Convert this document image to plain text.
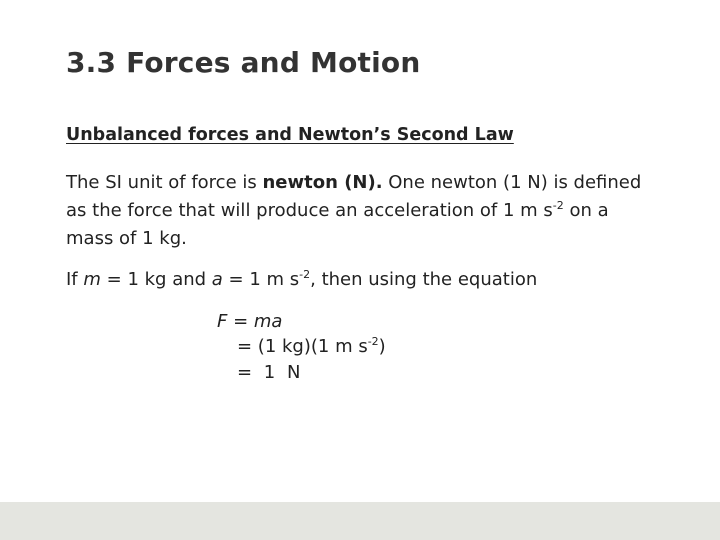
3.3 Forces and Motion
Unbalanced forces and Newton’s Second Law
The SI unit of force is newton (N). One newton (1 N) is defined as the force that will produce an acceleration of 1 m $s^{-2}$ on a mass of 1 kg.
If m = 1 kg and a = 1 m $s^{-2}$, then using the equation
F = ma
= (1 kg)(1 m $s^{-2}$)
= 1 N
